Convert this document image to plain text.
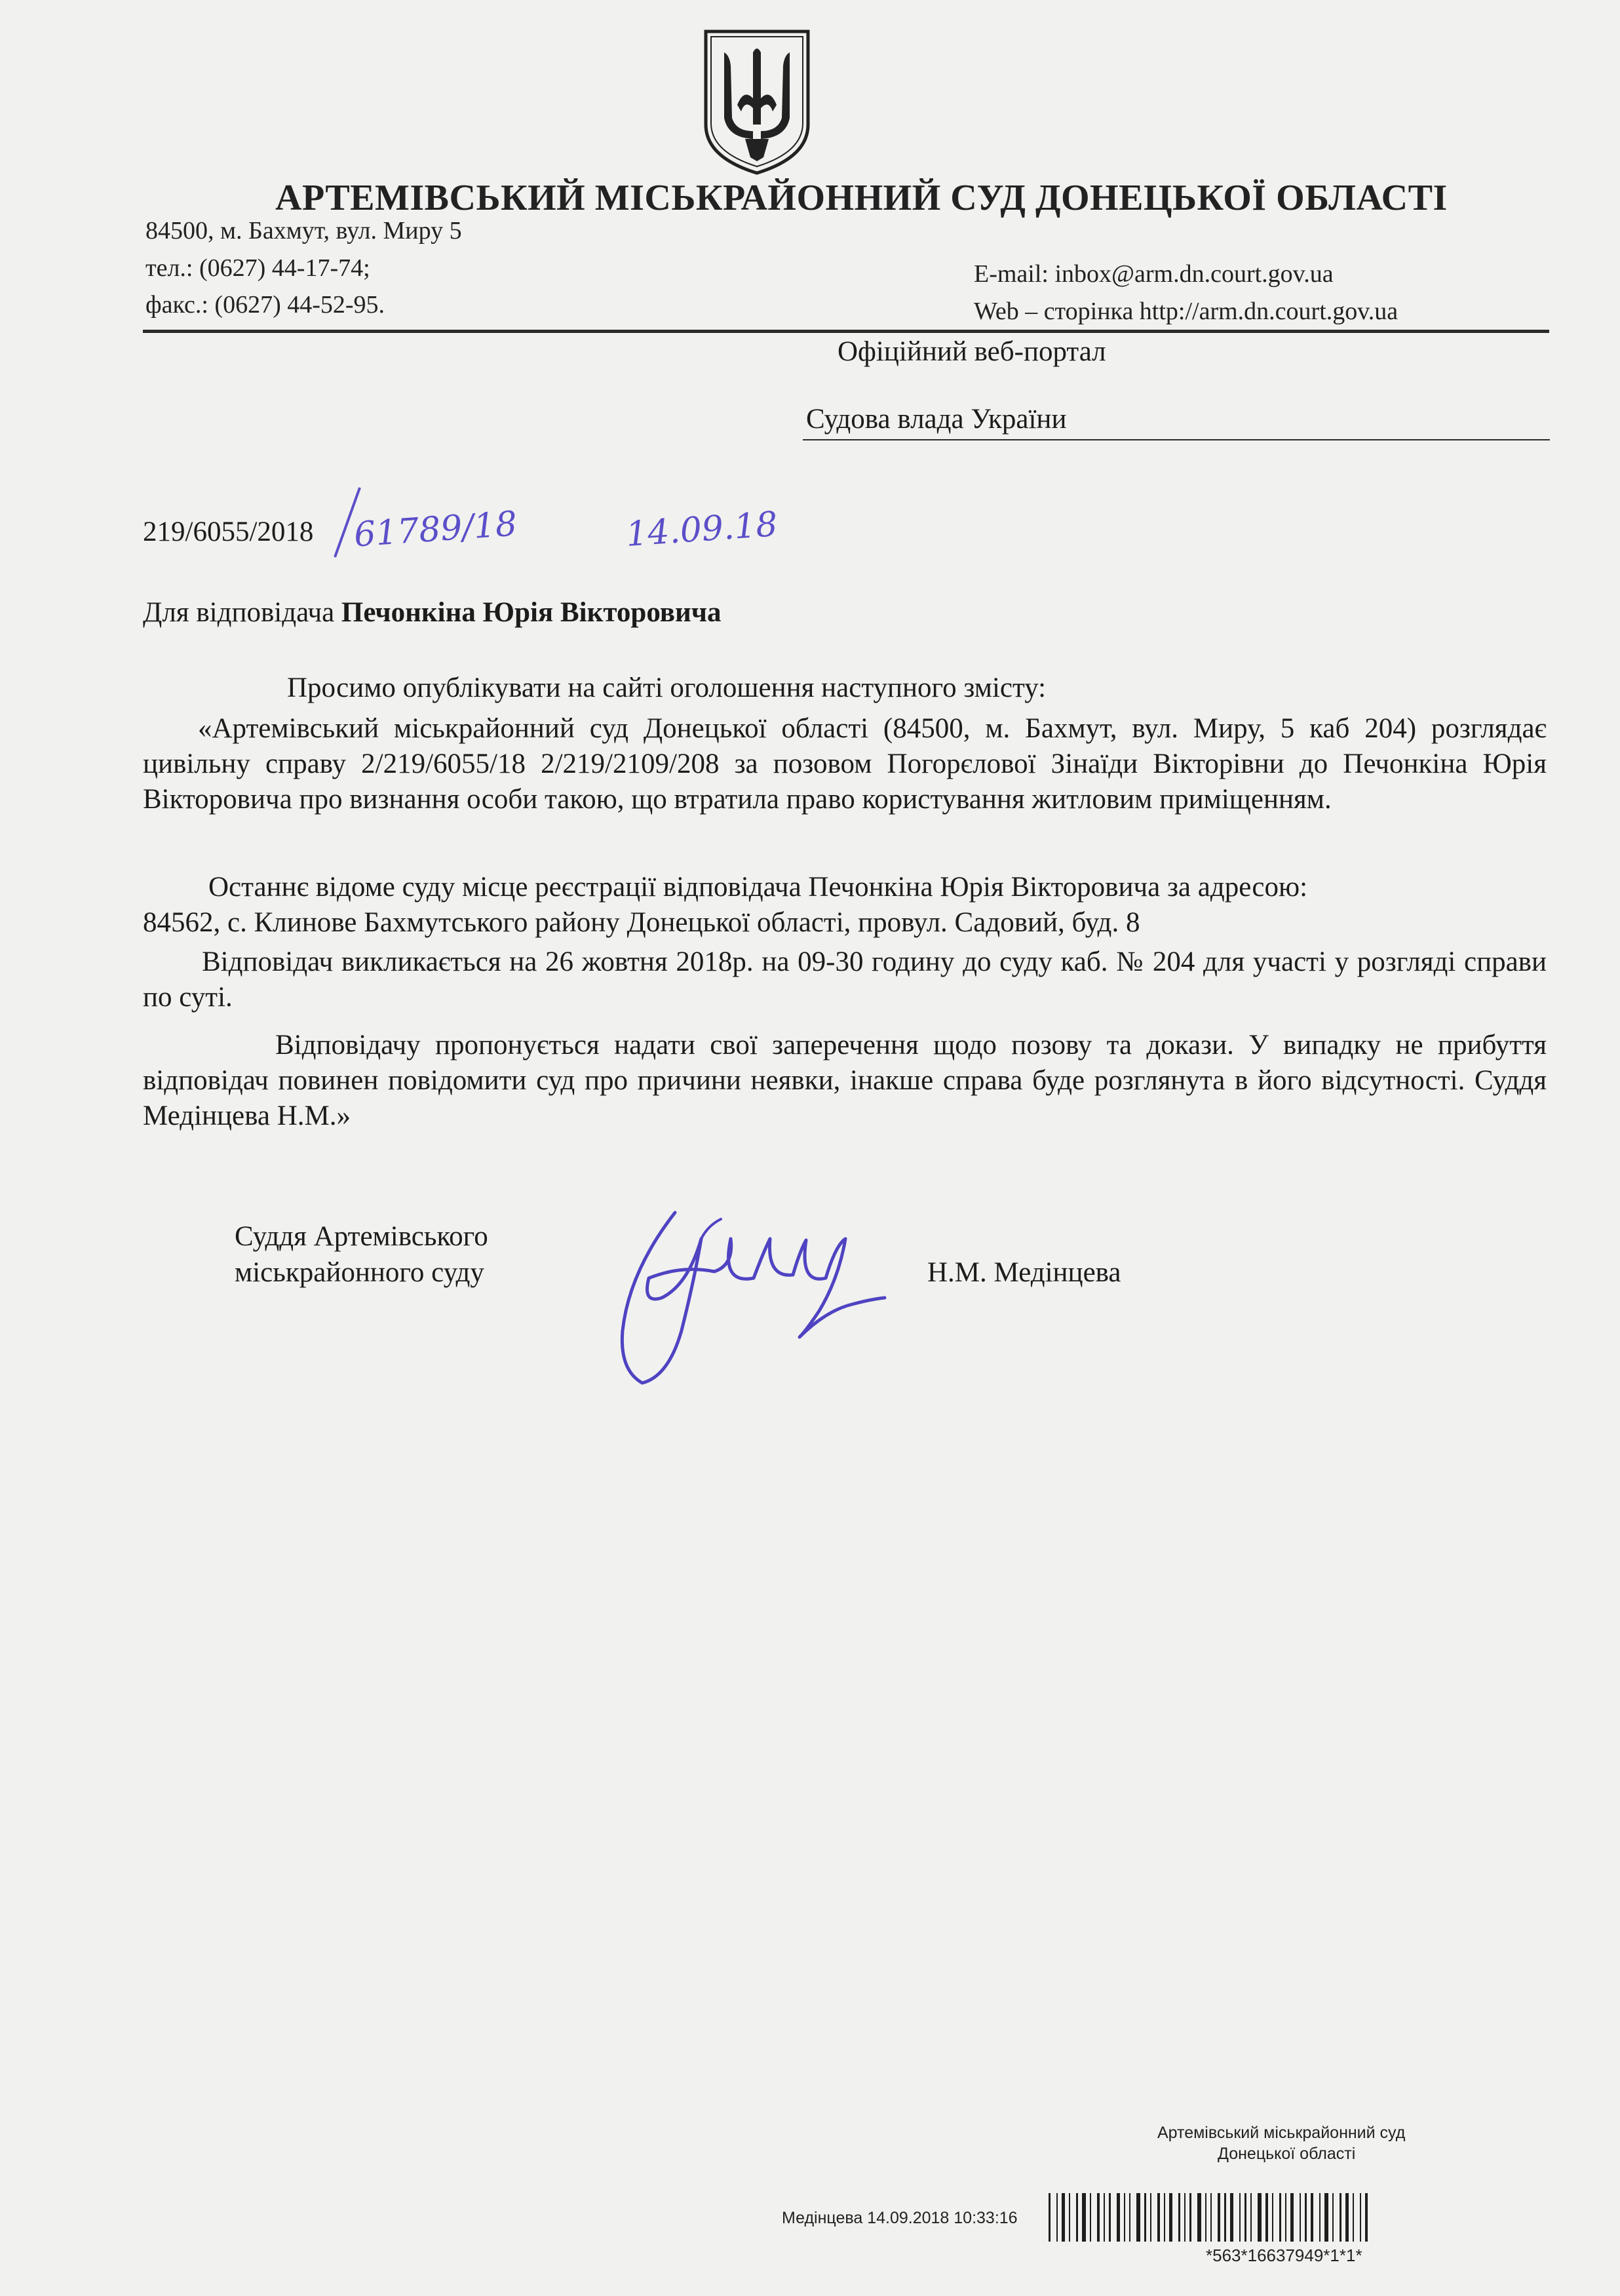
АРТЕМІВСЬКИЙ МІСЬКРАЙОННИЙ СУД ДОНЕЦЬКОЇ ОБЛАСТІ
84500, м. Бахмут, вул. Миру 5
тел.: (0627) 44-17-74;
факс.: (0627) 44-52-95.
E-mail: inbox@arm.dn.court.gov.ua
Web – сторінка http://arm.dn.court.gov.ua
Офіційний веб-портал
Судова влада України
219/6055/2018 61789/18	14.09.18
Для відповідача Печонкіна Юрія Вікторовича
Просимо опублікувати на сайті оголошення наступного змісту:
«Артемівський міськрайонний суд Донецької області (84500, м. Бахмут, вул. Миру, 5 каб 204) розглядає цивільну справу 2/219/6055/18 2/219/2109/208 за позовом Погорєлової Зінаїди Вікторівни до Печонкіна Юрія Вікторовича про визнання особи такою, що втратила право користування житловим приміщенням.
Останнє відоме суду місце реєстрації відповідача Печонкіна Юрія Вікторовича за адресою:
84562, с. Клинове Бахмутського району Донецької області, провул. Садовий, буд. 8
Відповідач викликається на 26 жовтня 2018р. на 09-30 годину до суду каб. № 204 для участі у розгляді справи по суті.
Відповідачу пропонується надати свої заперечення щодо позову та докази. У випадку не прибуття відповідач повинен повідомити суд про причини неявки, інакше справа буде розглянута в його відсутності. Суддя Медінцева Н.М.»
Суддя Артемівського
міськрайонного суду	Н.М. Медінцева
Артемівський міськрайонний суд
Донецької області
Медінцева 14.09.2018 10:33:16
*563*16637949*1*1*
